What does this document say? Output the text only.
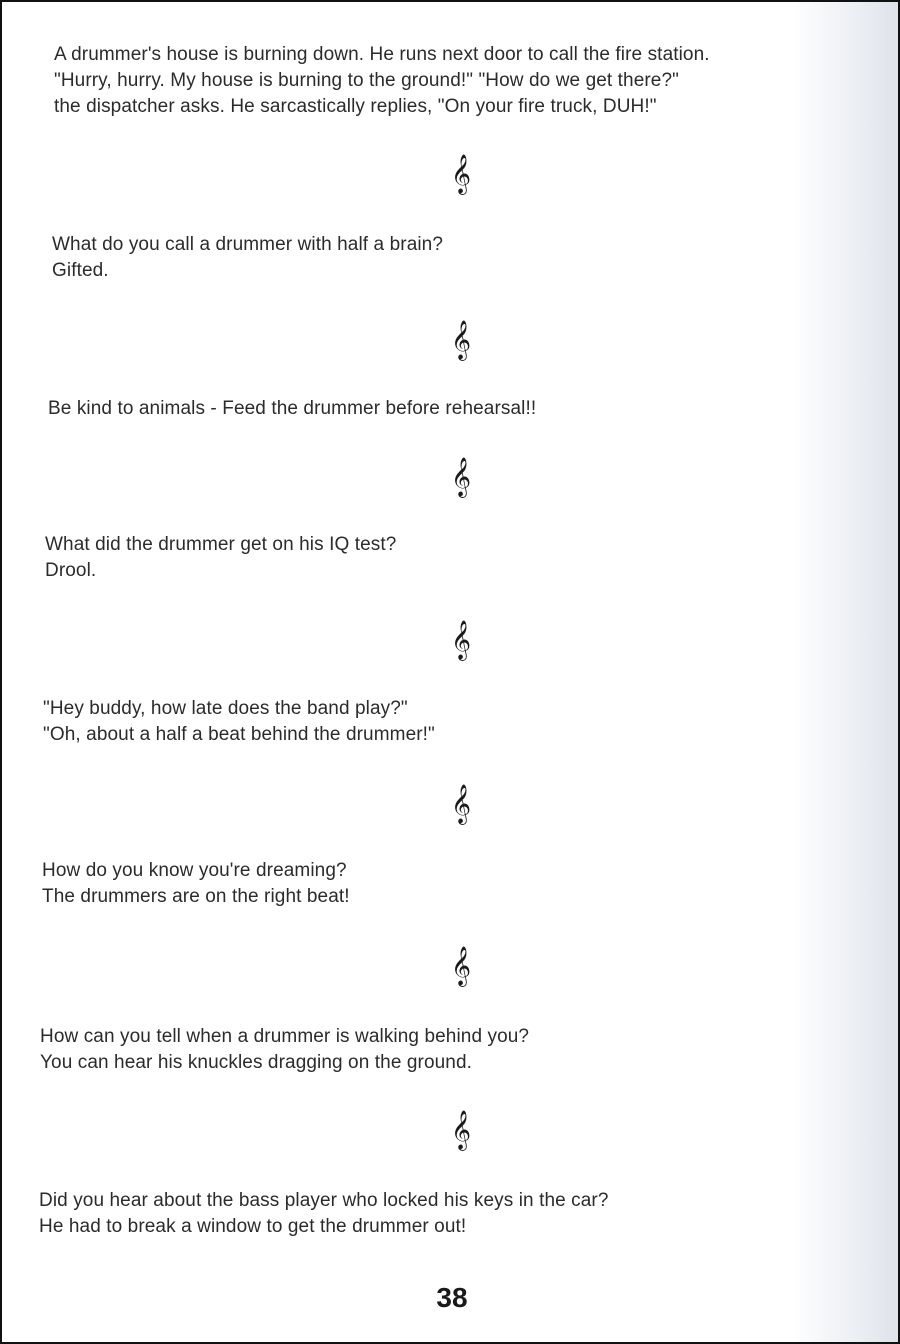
A drummer's house is burning down. He runs next door to call the fire station.
"Hurry, hurry. My house is burning to the ground!" "How do we get there?"
the dispatcher asks. He sarcastically replies, "On your fire truck, DUH!"
𝄞
What do you call a drummer with half a brain?
Gifted.
𝄞
Be kind to animals - Feed the drummer before rehearsal!!
𝄞
What did the drummer get on his IQ test?
Drool.
𝄞
"Hey buddy, how late does the band play?"
"Oh, about a half a beat behind the drummer!"
𝄞
How do you know you're dreaming?
The drummers are on the right beat!
𝄞
How can you tell when a drummer is walking behind you?
You can hear his knuckles dragging on the ground.
𝄞
Did you hear about the bass player who locked his keys in the car?
He had to break a window to get the drummer out!
38
